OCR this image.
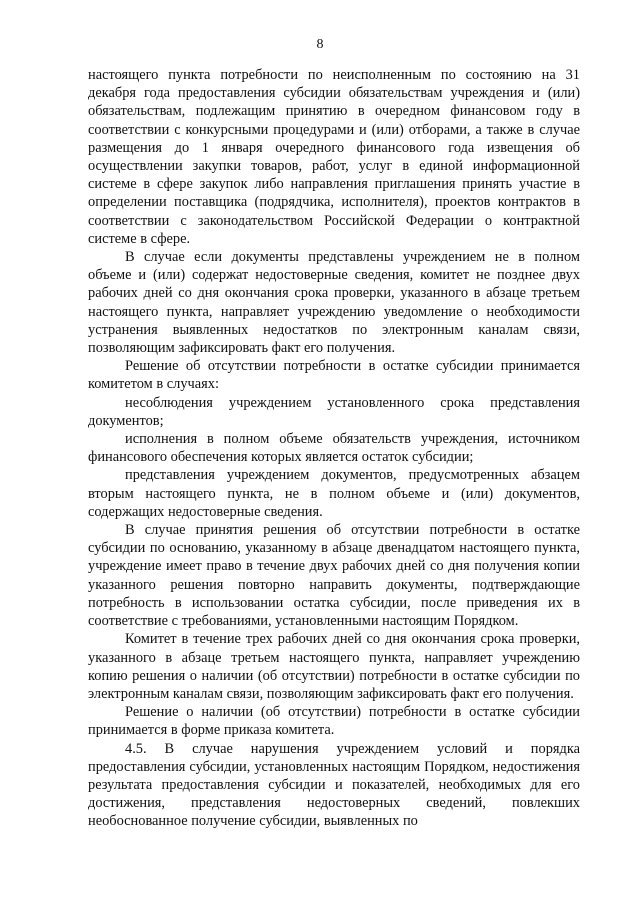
8

настоящего пункта потребности по неисполненным по состоянию на 31 декабря года предоставления субсидии обязательствам учреждения и (или) обязательствам, подлежащим принятию в очередном финансовом году в соответствии с конкурсными процедурами и (или) отборами, а также в случае размещения до 1 января очередного финансового года извещения об осуществлении закупки товаров, работ, услуг в единой информационной системе в сфере закупок либо направления приглашения принять участие в определении поставщика (подрядчика, исполнителя), проектов контрактов в соответствии с законодательством Российской Федерации о контрактной системе в сфере.

В случае если документы представлены учреждением не в полном объеме и (или) содержат недостоверные сведения, комитет не позднее двух рабочих дней со дня окончания срока проверки, указанного в абзаце третьем настоящего пункта, направляет учреждению уведомление о необходимости устранения выявленных недостатков по электронным каналам связи, позволяющим зафиксировать факт его получения.

Решение об отсутствии потребности в остатке субсидии принимается комитетом в случаях:

несоблюдения учреждением установленного срока представления документов;

исполнения в полном объеме обязательств учреждения, источником финансового обеспечения которых является остаток субсидии;

представления учреждением документов, предусмотренных абзацем вторым настоящего пункта, не в полном объеме и (или) документов, содержащих недостоверные сведения.

В случае принятия решения об отсутствии потребности в остатке субсидии по основанию, указанному в абзаце двенадцатом настоящего пункта, учреждение имеет право в течение двух рабочих дней со дня получения копии указанного решения повторно направить документы, подтверждающие потребность в использовании остатка субсидии, после приведения их в соответствие с требованиями, установленными настоящим Порядком.

Комитет в течение трех рабочих дней со дня окончания срока проверки, указанного в абзаце третьем настоящего пункта, направляет учреждению копию решения о наличии (об отсутствии) потребности в остатке субсидии по электронным каналам связи, позволяющим зафиксировать факт его получения.

Решение о наличии (об отсутствии) потребности в остатке субсидии принимается в форме приказа комитета.

4.5. В случае нарушения учреждением условий и порядка предоставления субсидии, установленных настоящим Порядком, недостижения результата предоставления субсидии и показателей, необходимых для его достижения, представления недостоверных сведений, повлекших необоснованное получение субсидии, выявленных по
